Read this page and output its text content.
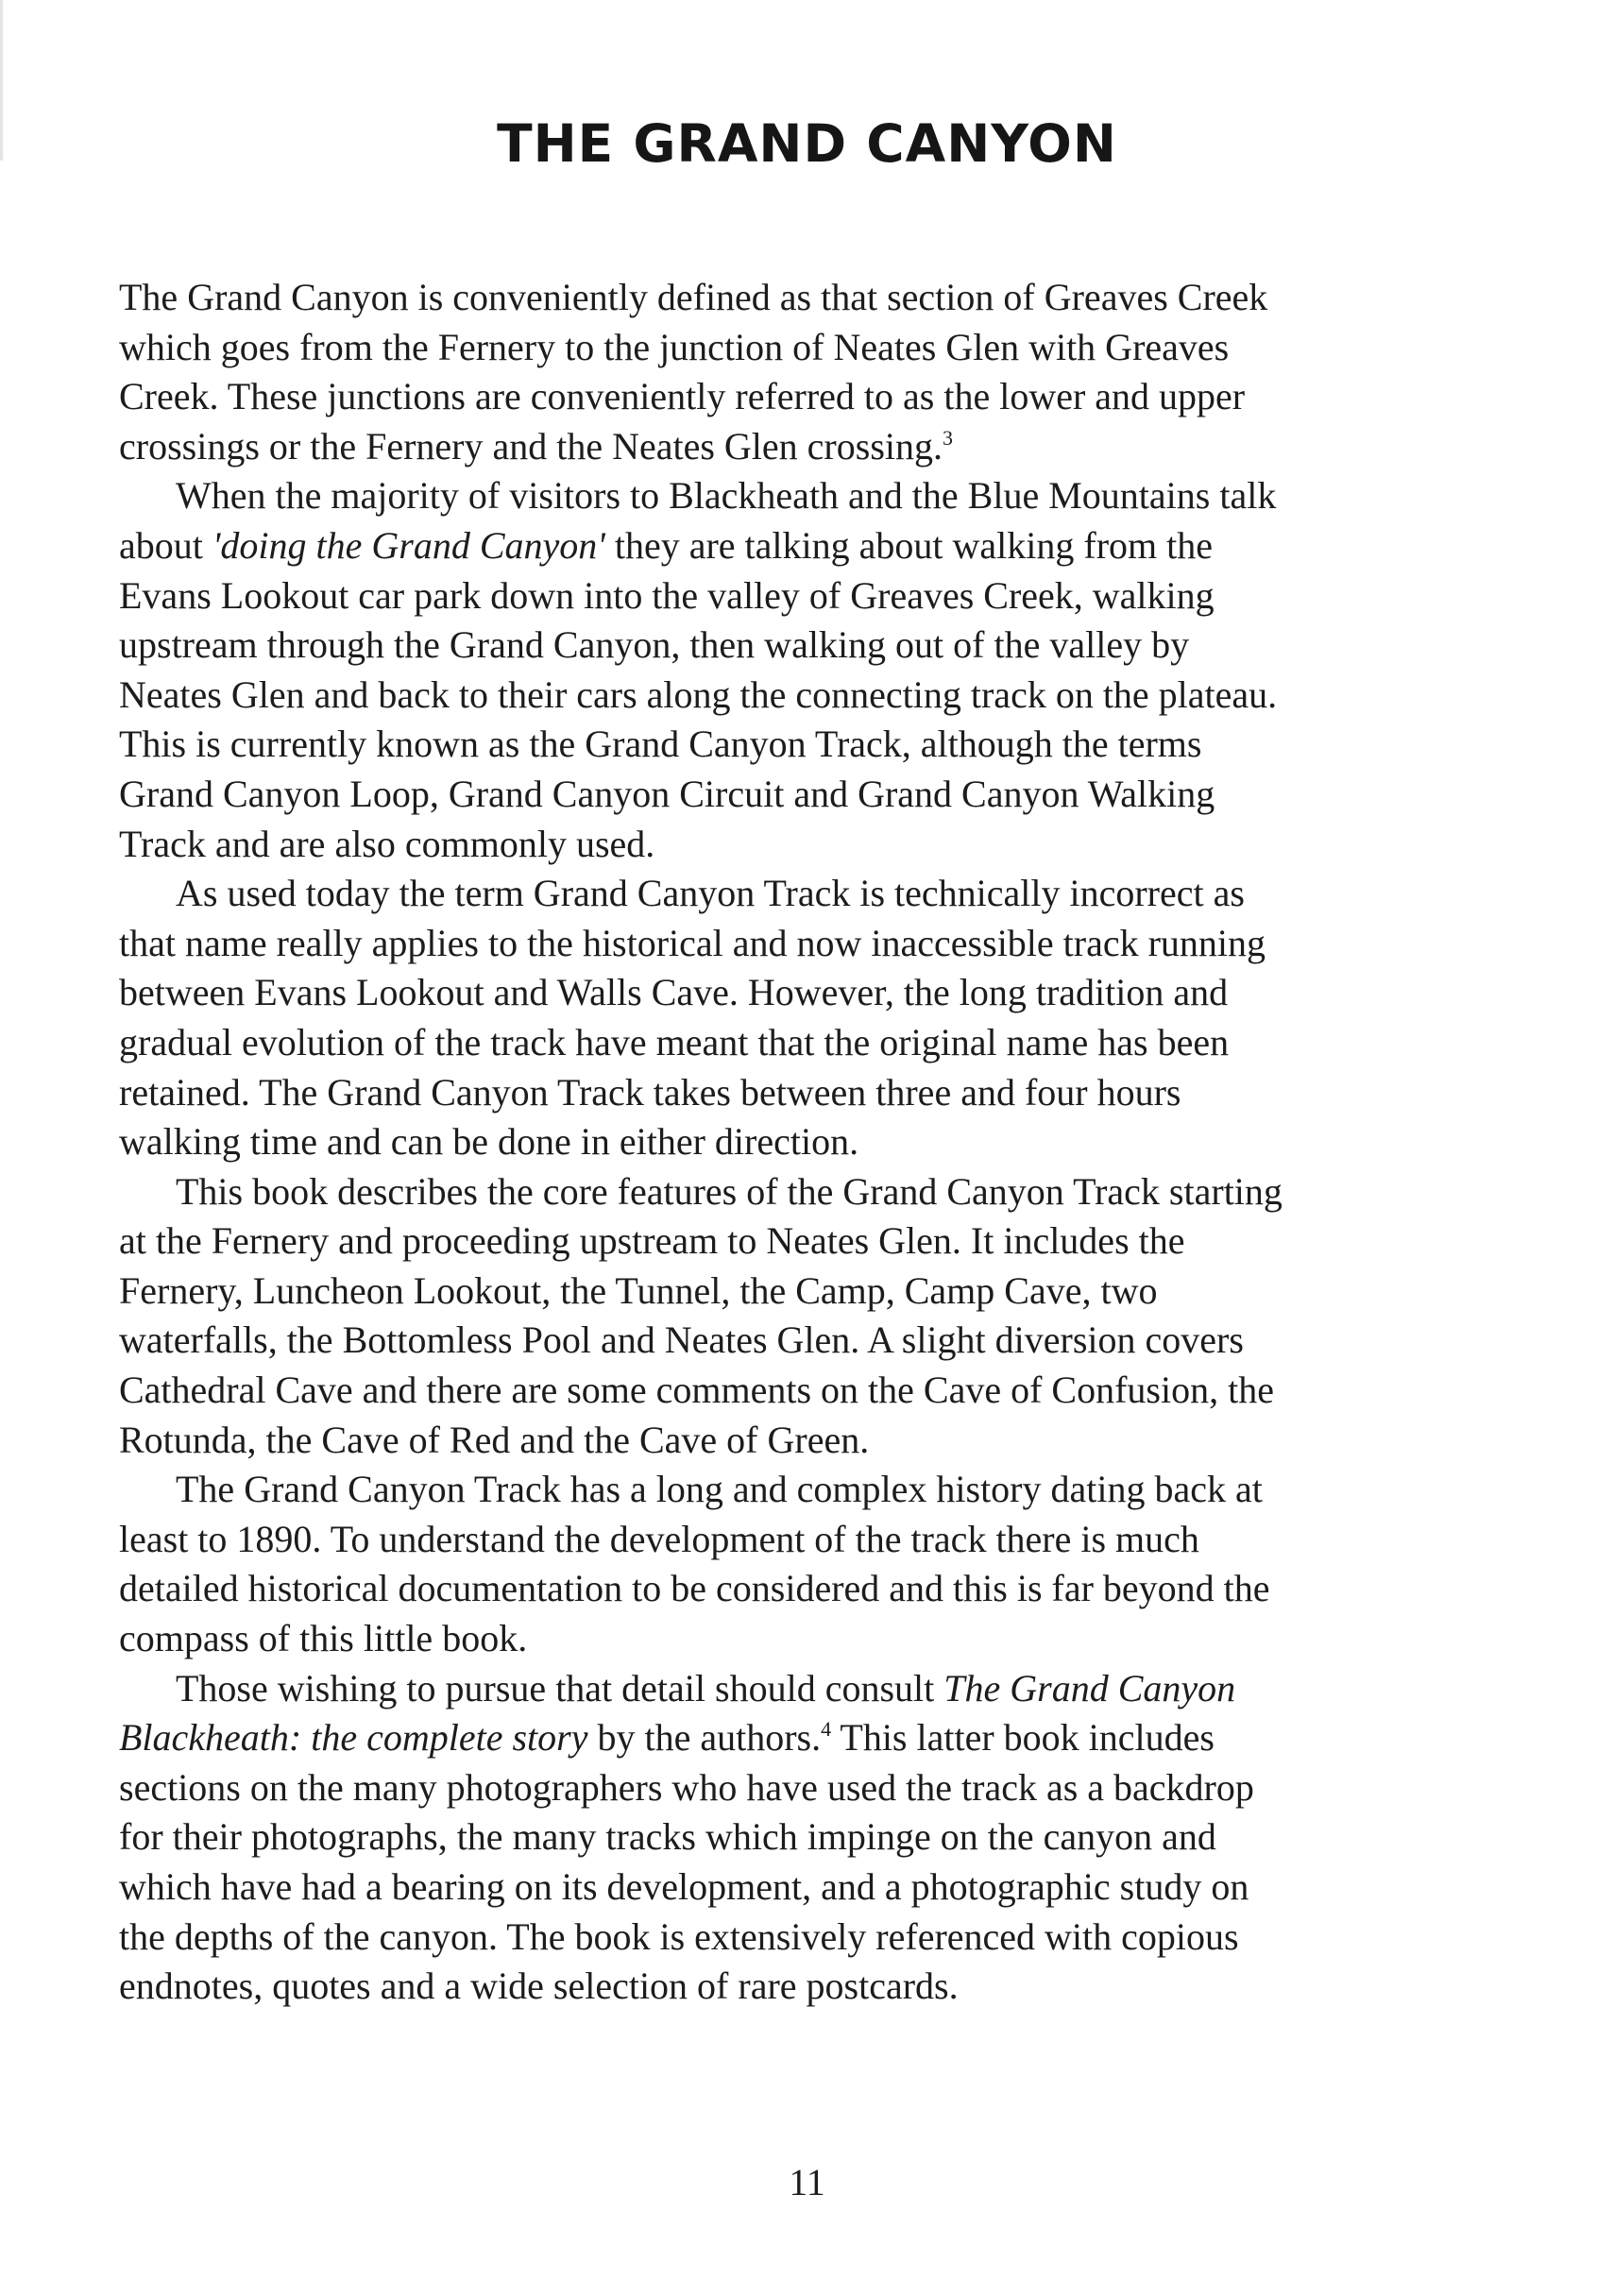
THE GRAND CANYON
The Grand Canyon is conveniently defined as that section of Greaves Creek
which goes from the Fernery to the junction of Neates Glen with Greaves
Creek. These junctions are conveniently referred to as the lower and upper
crossings or the Fernery and the Neates Glen crossing.$^3$
When the majority of visitors to Blackheath and the Blue Mountains talk
about 'doing the Grand Canyon' they are talking about walking from the
Evans Lookout car park down into the valley of Greaves Creek, walking
upstream through the Grand Canyon, then walking out of the valley by
Neates Glen and back to their cars along the connecting track on the plateau.
This is currently known as the Grand Canyon Track, although the terms
Grand Canyon Loop, Grand Canyon Circuit and Grand Canyon Walking
Track and are also commonly used.
As used today the term Grand Canyon Track is technically incorrect as
that name really applies to the historical and now inaccessible track running
between Evans Lookout and Walls Cave. However, the long tradition and
gradual evolution of the track have meant that the original name has been
retained. The Grand Canyon Track takes between three and four hours
walking time and can be done in either direction.
This book describes the core features of the Grand Canyon Track starting
at the Fernery and proceeding upstream to Neates Glen. It includes the
Fernery, Luncheon Lookout, the Tunnel, the Camp, Camp Cave, two
waterfalls, the Bottomless Pool and Neates Glen. A slight diversion covers
Cathedral Cave and there are some comments on the Cave of Confusion, the
Rotunda, the Cave of Red and the Cave of Green.
The Grand Canyon Track has a long and complex history dating back at
least to 1890. To understand the development of the track there is much
detailed historical documentation to be considered and this is far beyond the
compass of this little book.
Those wishing to pursue that detail should consult The Grand Canyon
Blackheath: the complete story by the authors.$^4$ This latter book includes
sections on the many photographers who have used the track as a backdrop
for their photographs, the many tracks which impinge on the canyon and
which have had a bearing on its development, and a photographic study on
the depths of the canyon. The book is extensively referenced with copious
endnotes, quotes and a wide selection of rare postcards.
11
